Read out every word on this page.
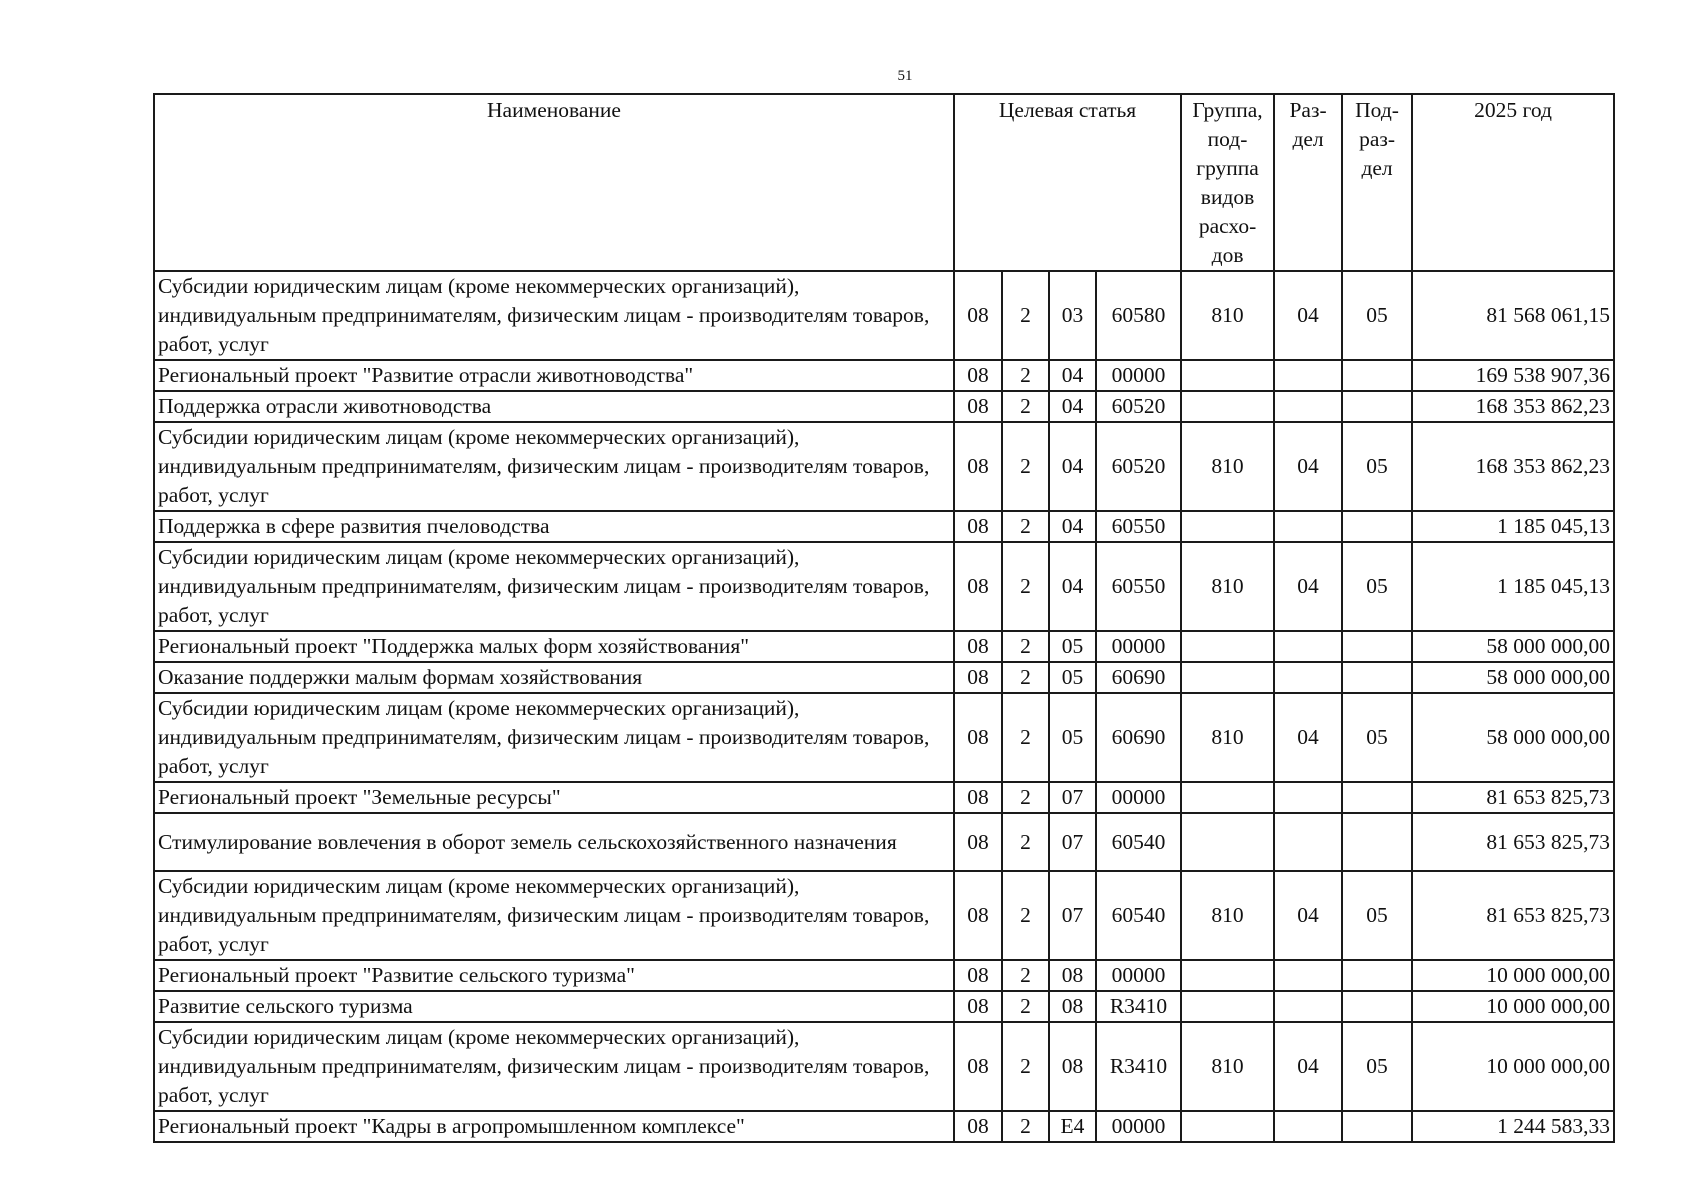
51
Наименование	Целевая статья				Группа, под-группа видов расхо-дов	Раз-дел	Под-раз-дел	2025 год
Субсидии юридическим лицам (кроме некоммерческих организаций), индивидуальным предпринимателям, физическим лицам - производителям товаров, работ, услуг	08	2	03	60580	810	04	05	81 568 061,15
Региональный проект "Развитие отрасли животноводства"	08	2	04	00000				169 538 907,36
Поддержка отрасли животноводства	08	2	04	60520				168 353 862,23
Субсидии юридическим лицам (кроме некоммерческих организаций), индивидуальным предпринимателям, физическим лицам - производителям товаров, работ, услуг	08	2	04	60520	810	04	05	168 353 862,23
Поддержка в сфере развития пчеловодства	08	2	04	60550				1 185 045,13
Субсидии юридическим лицам (кроме некоммерческих организаций), индивидуальным предпринимателям, физическим лицам - производителям товаров, работ, услуг	08	2	04	60550	810	04	05	1 185 045,13
Региональный проект "Поддержка малых форм хозяйствования"	08	2	05	00000				58 000 000,00
Оказание поддержки малым формам хозяйствования	08	2	05	60690				58 000 000,00
Субсидии юридическим лицам (кроме некоммерческих организаций), индивидуальным предпринимателям, физическим лицам - производителям товаров, работ, услуг	08	2	05	60690	810	04	05	58 000 000,00
Региональный проект "Земельные ресурсы"	08	2	07	00000				81 653 825,73
Стимулирование вовлечения в оборот земель сельскохозяйственного назначения	08	2	07	60540				81 653 825,73
Субсидии юридическим лицам (кроме некоммерческих организаций), индивидуальным предпринимателям, физическим лицам - производителям товаров, работ, услуг	08	2	07	60540	810	04	05	81 653 825,73
Региональный проект "Развитие сельского туризма"	08	2	08	00000				10 000 000,00
Развитие сельского туризма	08	2	08	R3410				10 000 000,00
Субсидии юридическим лицам (кроме некоммерческих организаций), индивидуальным предпринимателям, физическим лицам - производителям товаров, работ, услуг	08	2	08	R3410	810	04	05	10 000 000,00
Региональный проект "Кадры в агропромышленном комплексе"	08	2	Е4	00000				1 244 583,33
